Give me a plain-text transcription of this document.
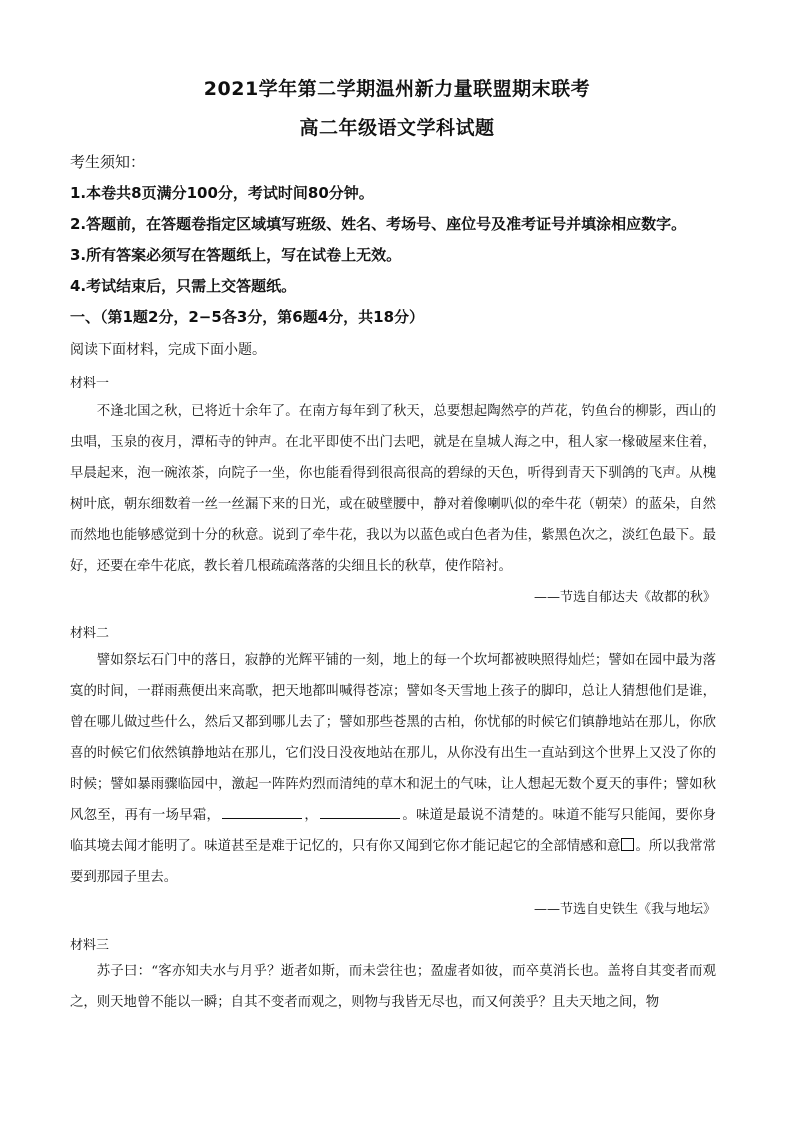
2021学年第二学期温州新力量联盟期末联考
高二年级语文学科试题
考生须知：
1.本卷共8页满分100分，考试时间80分钟。
2.答题前，在答题卷指定区域填写班级、姓名、考场号、座位号及准考证号并填涂相应数字。
3.所有答案必须写在答题纸上，写在试卷上无效。
4.考试结束后，只需上交答题纸。
一、（第1题2分，2−5各3分，第6题4分，共18分）
阅读下面材料，完成下面小题。
材料一

不逢北国之秋，已将近十余年了。在南方每年到了秋天，总要想起陶然亭的芦花，钓鱼台的柳影，西山的虫唱，玉泉的夜月，潭柘寺的钟声。在北平即使不出门去吧，就是在皇城人海之中，租人家一椽破屋来住着，早晨起来，泡一碗浓茶，向院子一坐，你也能看得到很高很高的碧绿的天色，听得到青天下驯鸽的飞声。从槐树叶底，朝东细数着一丝一丝漏下来的日光，或在破壁腰中，静对着像喇叭似的牵牛花（朝荣）的蓝朵，自然而然地也能够感觉到十分的秋意。说到了牵牛花，我以为以蓝色或白色者为佳，紫黑色次之，淡红色最下。最好，还要在牵牛花底，教长着几根疏疏落落的尖细且长的秋草，使作陪衬。

——节选自郁达夫《故都的秋》
材料二

譬如祭坛石门中的落日，寂静的光辉平铺的一刻，地上的每一个坎坷都被映照得灿烂；譬如在园中最为落寞的时间，一群雨燕便出来高歌，把天地都叫喊得苍凉；譬如冬天雪地上孩子的脚印，总让人猜想他们是谁，曾在哪儿做过些什么，然后又都到哪儿去了；譬如那些苍黑的古柏，你忧郁的时候它们镇静地站在那儿，你欣喜的时候它们依然镇静地站在那儿，它们没日没夜地站在那儿，从你没有出生一直站到这个世界上又没了你的时候；譬如暴雨骤临园中，激起一阵阵灼烈而清纯的草木和泥土的气味，让人想起无数个夏天的事件；譬如秋风忽至，再有一场早霜，	，	。味道是最说不清楚的。味道不能写只能闻，要你身临其境去闻才能明了。味道甚至是难于记忆的，只有你又闻到它你才能记起它的全部情感和意 。所以我常常要到那园子里去。

——节选自史铁生《我与地坛》
材料三

苏子曰：“客亦知夫水与月乎？逝者如斯，而未尝往也；盈虚者如彼，而卒莫消长也。盖将自其变者而观之，则天地曾不能以一瞬；自其不变者而观之，则物与我皆无尽也，而又何羡乎？且夫天地之间，物
